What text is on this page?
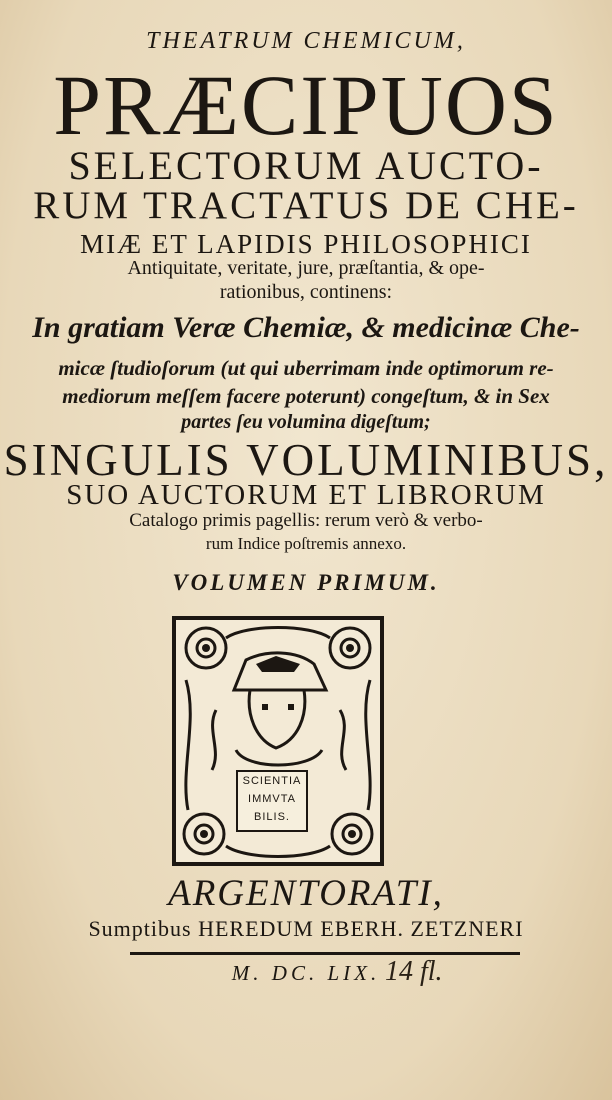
THEATRUM CHEMICUM,
PRÆCIPUOS
SELECTORUM AUCTO-
RUM TRACTATUS DE CHE-
MIÆ ET LAPIDIS PHILOSOPHICI
Antiquitate, veritate, jure, præſtantia, & ope-
rationibus, continens:
In gratiam Veræ Chemiæ, & medicinæ Che-
micæ ſtudioſorum (ut qui uberrimam inde optimorum re-
mediorum meſſem facere poterunt) congeſtum, & in Sex
partes ſeu volumina digeſtum;
SINGULIS VOLUMINIBUS,
SUO AUCTORUM ET LIBRORUM
Catalogo primis pagellis: rerum verò & verbo-
rum Indice poſtremis annexo.
VOLUMEN PRIMUM.
SCIENTIA
IMMVTA
BILIS.
ARGENTORATI,
Sumptibus HEREDUM EBERH. ZETZNERI
M. DC. LIX. 14 fl.
